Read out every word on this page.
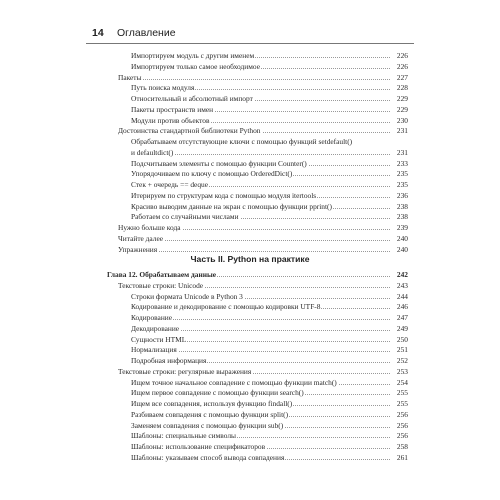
14 Оглавление
Импортируем модуль с другим именем	226
Импортируем только самое необходимое	226
Пакеты	227
Путь поиска модуля	228
Относительный и абсолютный импорт	229
Пакеты пространств имен	229
Модули против объектов	230
Достоинства стандартной библиотеки Python	231
Обрабатываем отсутствующие ключи с помощью функций setdefault()
и defaultdict()	231
Подсчитываем элементы с помощью функции Counter()	233
Упорядочиваем по ключу с помощью OrderedDict()	235
Стек + очередь == deque	235
Итерируем по структурам кода с помощью модуля itertools	236
Красиво выводим данные на экран с помощью функции pprint()	238
Работаем со случайными числами	238
Нужно больше кода	239
Читайте далее	240
Упражнения	240
Глава 12. Обрабатываем данные	242
Текстовые строки: Unicode	243
Строки формата Unicode в Python 3	244
Кодирование и декодирование с помощью кодировки UTF-8	246
Кодирование	247
Декодирование	249
Сущности HTML	250
Нормализация	251
Подробная информация	252
Текстовые строки: регулярные выражения	253
Ищем точное начальное совпадение с помощью функции match()	254
Ищем первое совпадение с помощью функции search()	255
Ищем все совпадения, используя функцию findall()	255
Разбиваем совпадения с помощью функции split()	256
Заменяем совпадения с помощью функции sub()	256
Шаблоны: специальные символы	256
Шаблоны: использование спецификаторов	258
Шаблоны: указываем способ вывода совпадения	261
Часть II. Python на практике
